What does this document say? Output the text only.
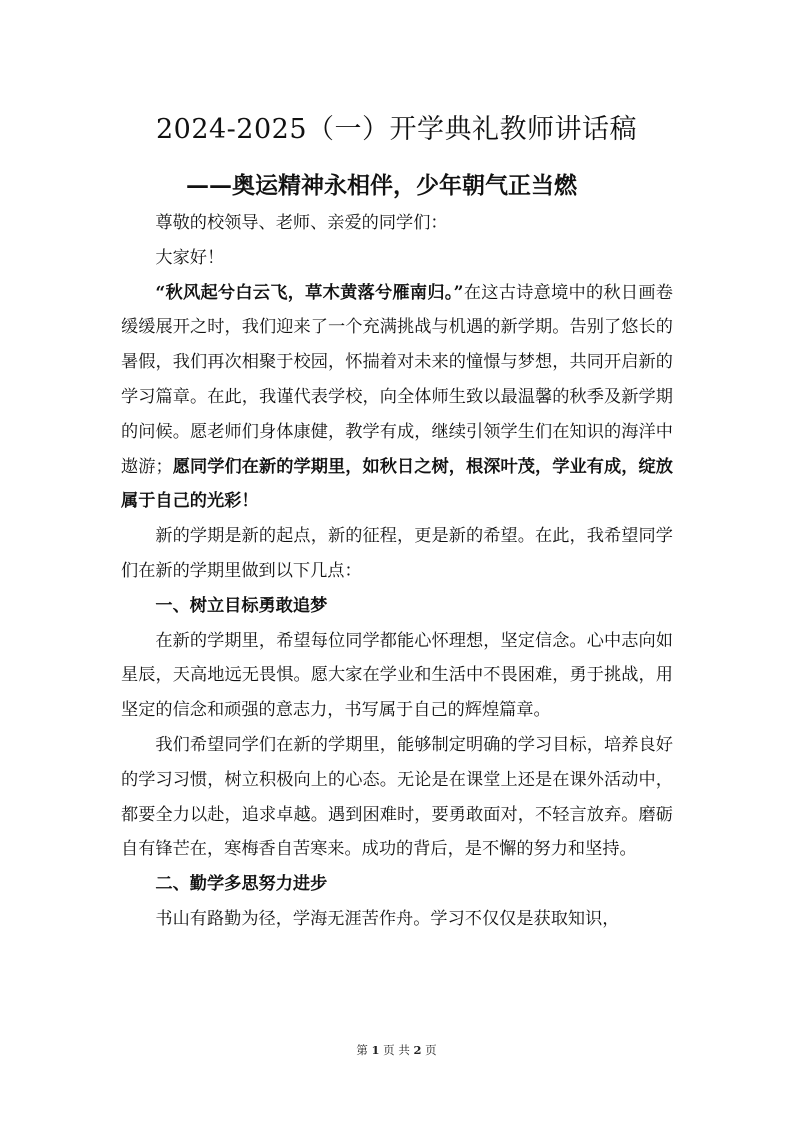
2024-2025（一）开学典礼教师讲话稿
——奥运精神永相伴，少年朝气正当燃

尊敬的校领导、老师、亲爱的同学们：

大家好！

“秋风起兮白云飞，草木黄落兮雁南归。”在这古诗意境中的秋日画卷缓缓展开之时，我们迎来了一个充满挑战与机遇的新学期。告别了悠长的暑假，我们再次相聚于校园，怀揣着对未来的憧憬与梦想，共同开启新的学习篇章。在此，我谨代表学校，向全体师生致以最温馨的秋季及新学期的问候。愿老师们身体康健，教学有成，继续引领学生们在知识的海洋中遨游；愿同学们在新的学期里，如秋日之树，根深叶茂，学业有成，绽放属于自己的光彩！

新的学期是新的起点，新的征程，更是新的希望。在此，我希望同学们在新的学期里做到以下几点：

一、树立目标勇敢追梦

在新的学期里，希望每位同学都能心怀理想，坚定信念。心中志向如星辰，天高地远无畏惧。愿大家在学业和生活中不畏困难，勇于挑战，用坚定的信念和顽强的意志力，书写属于自己的辉煌篇章。

我们希望同学们在新的学期里，能够制定明确的学习目标，培养良好的学习习惯，树立积极向上的心态。无论是在课堂上还是在课外活动中，都要全力以赴，追求卓越。遇到困难时，要勇敢面对，不轻言放弃。磨砺自有锋芒在，寒梅香自苦寒来。成功的背后，是不懈的努力和坚持。

二、勤学多思努力进步

书山有路勤为径，学海无涯苦作舟。学习不仅仅是获取知识，

第 1 页 共 2 页
